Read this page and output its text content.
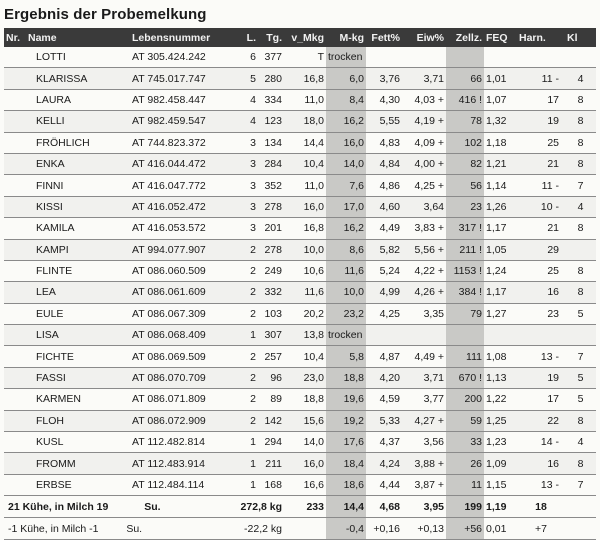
Ergebnis der Probemelkung
Nr.	Name	Lebensnummer	L.	Tg.	v_Mkg	M-kg	Fett%	Eiw%	Zellz.	FEQ	Harn.	Kl
	LOTTI	AT 305.424.242	6	377	T	trocken						
	KLARISSA	AT 745.017.747	5	280	16,8	6,0	3,76	3,71	66	1,01	11 -	4
	LAURA	AT 982.458.447	4	334	11,0	8,4	4,30	4,03 +	416 !	1,07	17	8
	KELLI	AT 982.459.547	4	123	18,0	16,2	5,55	4,19 +	78	1,32	19	8
	FRÖHLICH	AT 744.823.372	3	134	14,4	16,0	4,83	4,09 +	102	1,18	25	8
	ENKA	AT 416.044.472	3	284	10,4	14,0	4,84	4,00 +	82	1,21	21	8
	FINNI	AT 416.047.772	3	352	11,0	7,6	4,86	4,25 +	56	1,14	11 -	7
	KISSI	AT 416.052.472	3	278	16,0	17,0	4,60	3,64	23	1,26	10 -	4
	KAMILA	AT 416.053.572	3	201	16,8	16,2	4,49	3,83 +	317 !	1,17	21	8
	KAMPI	AT 994.077.907	2	278	10,0	8,6	5,82	5,56 +	211 !	1,05	29	
	FLINTE	AT 086.060.509	2	249	10,6	11,6	5,24	4,22 +	1153 !	1,24	25	8
	LEA	AT 086.061.609	2	332	11,6	10,0	4,99	4,26 +	384 !	1,17	16	8
	EULE	AT 086.067.309	2	103	20,2	23,2	4,25	3,35	79	1,27	23	5
	LISA	AT 086.068.409	1	307	13,8	trocken						
	FICHTE	AT 086.069.509	2	257	10,4	5,8	4,87	4,49 +	111	1,08	13 -	7
	FASSI	AT 086.070.709	2	96	23,0	18,8	4,20	3,71	670 !	1,13	19	5
	KARMEN	AT 086.071.809	2	89	18,8	19,6	4,59	3,77	200	1,22	17	5
	FLOH	AT 086.072.909	2	142	15,6	19,2	5,33	4,27 +	59	1,25	22	8
	KUSL	AT 112.482.814	1	294	14,0	17,6	4,37	3,56	33	1,23	14 -	4
	FROMM	AT 112.483.914	1	211	16,0	18,4	4,24	3,88 +	26	1,09	16	8
	ERBSE	AT 112.484.114	1	168	16,6	18,6	4,44	3,87 +	11	1,15	13 -	7
21 Kühe, in Milch 19 Su.			272,8 kg		233	14,4	4,68	3,95	199	1,19	18	
-1 Kühe, in Milch -1 Su.			-22,2 kg			-0,4	+0,16	+0,13	+56	0,01	+7	
